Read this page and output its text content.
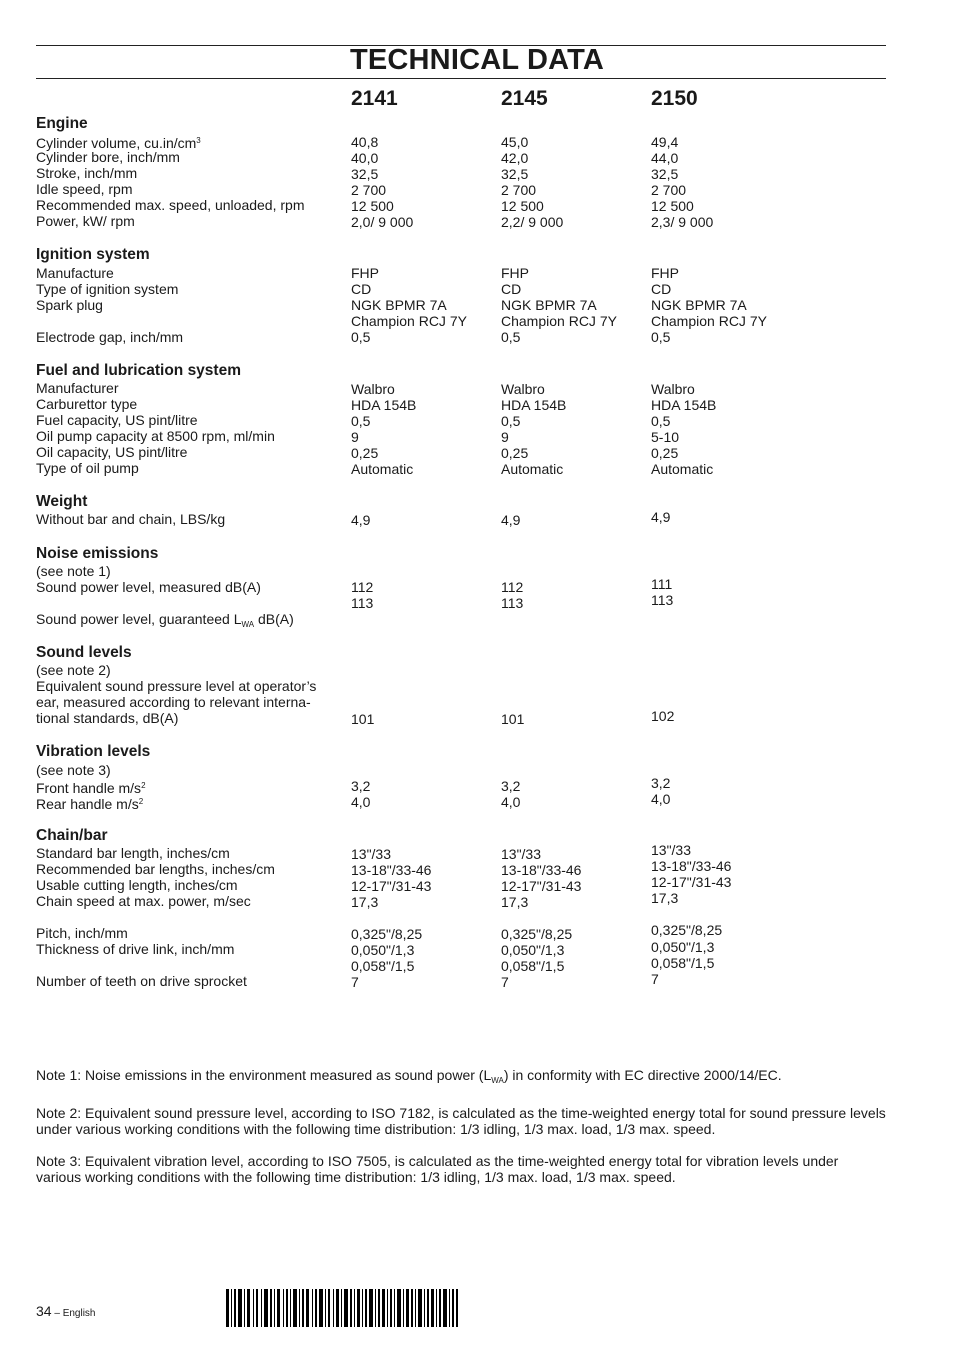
TECHNICAL DATA
2141	2145	2150
Engine
Cylinder volume, $cu.in/cm^3$	40,8	45,0	49,4
Cylinder bore, inch/mm	40,0	42,0	44,0
Stroke, inch/mm	32,5	32,5	32,5
Idle speed, rpm	2 700	2 700	2 700
Recommended max. speed, unloaded, rpm	12 500	12 500	12 500
Power, kW/ rpm	2,0/ 9 000	2,2/ 9 000	2,3/ 9 000
Ignition system
Manufacture	FHP	FHP	FHP
Type of ignition system	CD	CD	CD
Spark plug	NGK BPMR 7A	NGK BPMR 7A	NGK BPMR 7A
Champion RCJ 7Y Champion RCJ 7Y Champion RCJ 7Y
Electrode gap, inch/mm	0,5	0,5	0,5
Fuel and lubrication system
Manufacturer	Walbro	Walbro	Walbro
Carburettor type	HDA 154B	HDA 154B	HDA 154B
Fuel capacity, US pint/litre	0,5	0,5	0,5
Oil pump capacity at 8500 rpm, ml/min	9	9	5-10
Oil capacity, US pint/litre	0,25	0,25	0,25
Type of oil pump	Automatic	Automatic	Automatic
Weight
Without bar and chain, LBS/kg	4,9	4,9	4,9
Noise emissions
(see note 1)
Sound power level, measured dB(A)	112	112	111
113	113	113
Sound power level, guaranteed $L_{WA}$ dB(A)
Sound levels
(see note 2)
Equivalent sound pressure level at operator’s
ear, measured according to relevant interna-
tional standards, dB(A)	101	101	102
Vibration levels
(see note 3)
Front handle $m/s^2$	3,2	3,2	3,2
Rear handle $m/s^2$	4,0	4,0	4,0
Chain/bar
Standard bar length, inches/cm	13"/33	13"/33	13"/33
Recommended bar lengths, inches/cm	13-18"/33-46	13-18"/33-46	13-18"/33-46
Usable cutting length, inches/cm	12-17"/31-43	12-17"/31-43	12-17"/31-43
Chain speed at max. power, m/sec	17,3	17,3	17,3
Pitch, inch/mm	0,325"/8,25	0,325"/8,25	0,325"/8,25
Thickness of drive link, inch/mm	0,050"/1,3	0,050"/1,3	0,050"/1,3
0,058"/1,5	0,058"/1,5	0,058"/1,5
Number of teeth on drive sprocket	7	7	7

Note 1: Noise emissions in the environment measured as sound power $(L_{WA})$ in conformity with EC directive 2000/14/EC.

Note 2: Equivalent sound pressure level, according to ISO 7182, is calculated as the time-weighted energy total for sound pressure levels under various working conditions with the following time distribution: 1/3 idling, 1/3 max. load, 1/3 max. speed.

Note 3: Equivalent vibration level, according to ISO 7505, is calculated as the time-weighted energy total for vibration levels under various working conditions with the following time distribution: 1/3 idling, 1/3 max. load, 1/3 max. speed.

34 – English
